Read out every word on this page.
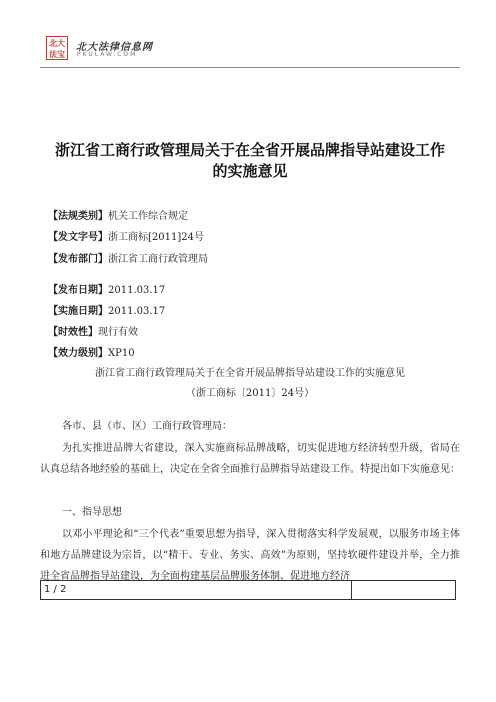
北大法宝
北大法律信息网
PKULAW.COM
浙江省工商行政管理局关于在全省开展品牌指导站建设工作
的实施意见
【法规类别】机关工作综合规定
【发文字号】浙工商标[2011]24号
【发布部门】浙江省工商行政管理局
【发布日期】2011.03.17
【实施日期】2011.03.17
【时效性】现行有效
【效力级别】XP10
浙江省工商行政管理局关于在全省开展品牌指导站建设工作的实施意见
（浙工商标〔2011〕24号）
各市、县（市、区）工商行政管理局：
为扎实推进品牌大省建设，深入实施商标品牌战略，切实促进地方经济转型升级，省局在认真总结各地经验的基础上，决定在全省全面推行品牌指导站建设工作。特提出如下实施意见：
一、指导思想
以邓小平理论和“三个代表”重要思想为指导，深入贯彻落实科学发展观，以服务市场主体和地方品牌建设为宗旨，以“精干、专业、务实、高效”为原则，坚持软硬件建设并举，全力推进全省品牌指导站建设，为全面构建基层品牌服务体制、促进地方经济
1 / 2
